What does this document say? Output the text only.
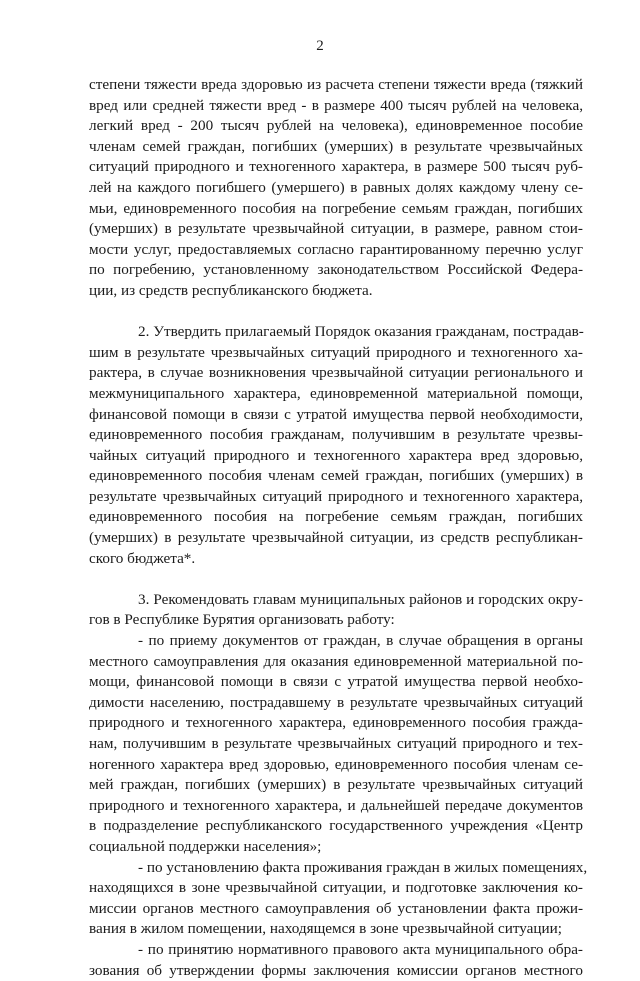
2
степени тяжести вреда здоровью из расчета степени тяжести вреда (тяжкий
вред или средней тяжести вред - в размере 400 тысяч рублей на человека,
легкий вред - 200 тысяч рублей на человека), единовременное пособие
членам семей граждан, погибших (умерших) в результате чрезвычайных
ситуаций природного и техногенного характера, в размере 500 тысяч руб-
лей на каждого погибшего (умершего) в равных долях каждому члену се-
мьи, единовременного пособия на погребение семьям граждан, погибших
(умерших) в результате чрезвычайной ситуации, в размере, равном стои-
мости услуг, предоставляемых согласно гарантированному перечню услуг
по погребению, установленному законодательством Российской Федера-
ции, из средств республиканского бюджета.
2. Утвердить прилагаемый Порядок оказания гражданам, пострадав-
шим в результате чрезвычайных ситуаций природного и техногенного ха-
рактера, в случае возникновения чрезвычайной ситуации регионального и
межмуниципального характера, единовременной материальной помощи,
финансовой помощи в связи с утратой имущества первой необходимости,
единовременного пособия гражданам, получившим в результате чрезвы-
чайных ситуаций природного и техногенного характера вред здоровью,
единовременного пособия членам семей граждан, погибших (умерших) в
результате чрезвычайных ситуаций природного и техногенного характера,
единовременного пособия на погребение семьям граждан, погибших
(умерших) в результате чрезвычайной ситуации, из средств республикан-
ского бюджета*.
3. Рекомендовать главам муниципальных районов и городских окру-
гов в Республике Бурятия организовать работу:
- по приему документов от граждан, в случае обращения в органы
местного самоуправления для оказания единовременной материальной по-
мощи, финансовой помощи в связи с утратой имущества первой необхо-
димости населению, пострадавшему в результате чрезвычайных ситуаций
природного и техногенного характера, единовременного пособия гражда-
нам, получившим в результате чрезвычайных ситуаций природного и тех-
ногенного характера вред здоровью, единовременного пособия членам се-
мей граждан, погибших (умерших) в результате чрезвычайных ситуаций
природного и техногенного характера, и дальнейшей передаче документов
в подразделение республиканского государственного учреждения «Центр
социальной поддержки населения»;
- по установлению факта проживания граждан в жилых помещениях,
находящихся в зоне чрезвычайной ситуации, и подготовке заключения ко-
миссии органов местного самоуправления об установлении факта прожи-
вания в жилом помещении, находящемся в зоне чрезвычайной ситуации;
- по принятию нормативного правового акта муниципального обра-
зования об утверждении формы заключения комиссии органов местного
